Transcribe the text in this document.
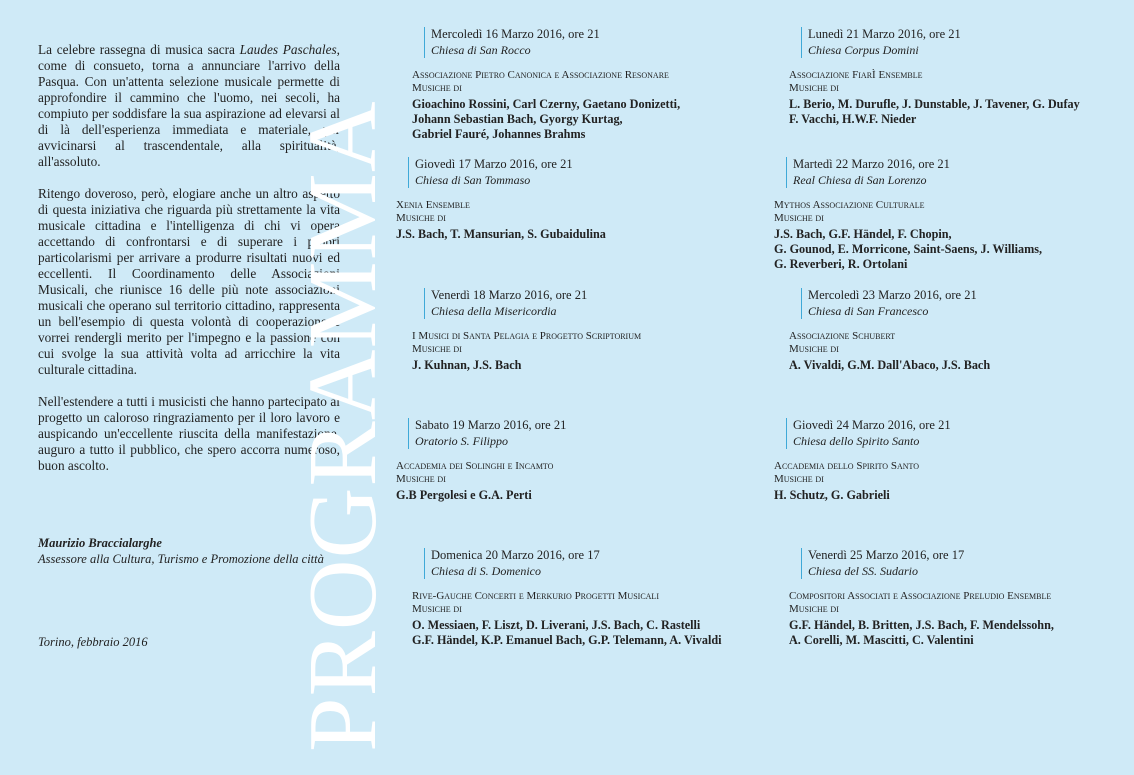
La celebre rassegna di musica sacra Laudes Paschales, come di consueto, torna a annunciare l'arrivo della Pasqua. Con un'attenta selezione musicale permette di approfondire il cammino che l'uomo, nei secoli, ha compiuto per soddisfare la sua aspirazione ad elevarsi al di là dell'esperienza immediata e materiale, per avvicinarsi al trascendentale, alla spiritualità, all'assoluto.

Ritengo doveroso, però, elogiare anche un altro aspetto di questa iniziativa che riguarda più strettamente la vita musicale cittadina e l'intelligenza di chi vi opera accettando di confrontarsi e di superare i propri particolarismi per arrivare a produrre risultati nuovi ed eccellenti. Il Coordinamento delle Associazioni Musicali, che riunisce 16 delle più note associazioni musicali che operano sul territorio cittadino, rappresenta un bell'esempio di questa volontà di cooperazione e vorrei rendergli merito per l'impegno e la passione con cui svolge la sua attività volta ad arricchire la vita culturale cittadina.

Nell'estendere a tutti i musicisti che hanno partecipato al progetto un caloroso ringraziamento per il loro lavoro e auspicando un'eccellente riuscita della manifestazione, auguro a tutto il pubblico, che spero accorra numeroso, buon ascolto.

Maurizio Braccialarghe
Assessore alla Cultura, Turismo e Promozione della città
Torino, febbraio 2016 PROGRAMMA
Mercoledì 16 Marzo 2016, ore 21
Chiesa di San Rocco
Associazione Pietro Canonica e Associazione Resonare
Musiche di
Gioachino Rossini, Carl Czerny, Gaetano Donizetti,
Johann Sebastian Bach, Gyorgy Kurtag,
Gabriel Fauré, Johannes Brahms
Giovedì 17 Marzo 2016, ore 21
Chiesa di San Tommaso
Xenia Ensemble
Musiche di
J.S. Bach, T. Mansurian, S. Gubaidulina
Venerdì 18 Marzo 2016, ore 21
Chiesa della Misericordia
I Musici di Santa Pelagia e Progetto Scriptorium
Musiche di
J. Kuhnan, J.S. Bach
Sabato 19 Marzo 2016, ore 21
Oratorio S. Filippo
Accademia dei Solinghi e Incamto
Musiche di
G.B Pergolesi e G.A. Perti
Domenica 20 Marzo 2016, ore 17
Chiesa di S. Domenico
Rive-Gauche Concerti e Merkurio Progetti Musicali
Musiche di
O. Messiaen, F. Liszt, D. Liverani, J.S. Bach, C. Rastelli
G.F. Händel, K.P. Emanuel Bach, G.P. Telemann, A. Vivaldi
Lunedì 21 Marzo 2016, ore 21
Chiesa Corpus Domini
Associazione FiarÌ Ensemble
Musiche di
L. Berio, M. Durufle, J. Dunstable, J. Tavener, G. Dufay
F. Vacchi, H.W.F. Nieder
Martedì 22 Marzo 2016, ore 21
Real Chiesa di San Lorenzo
Mythos Associazione Culturale
Musiche di
J.S. Bach, G.F. Händel, F. Chopin,
G. Gounod, E. Morricone, Saint-Saens, J. Williams,
G. Reverberi, R. Ortolani
Mercoledì 23 Marzo 2016, ore 21
Chiesa di San Francesco
Associazione Schubert
Musiche di
A. Vivaldi, G.M. Dall'Abaco, J.S. Bach
Giovedì 24 Marzo 2016, ore 21
Chiesa dello Spirito Santo
Accademia dello Spirito Santo
Musiche di
H. Schutz, G. Gabrieli
Venerdì 25 Marzo 2016, ore 17
Chiesa del SS. Sudario
Compositori Associati e Associazione Preludio Ensemble
Musiche di
G.F. Händel, B. Britten, J.S. Bach, F. Mendelssohn,
A. Corelli, M. Mascitti, C. Valentini
